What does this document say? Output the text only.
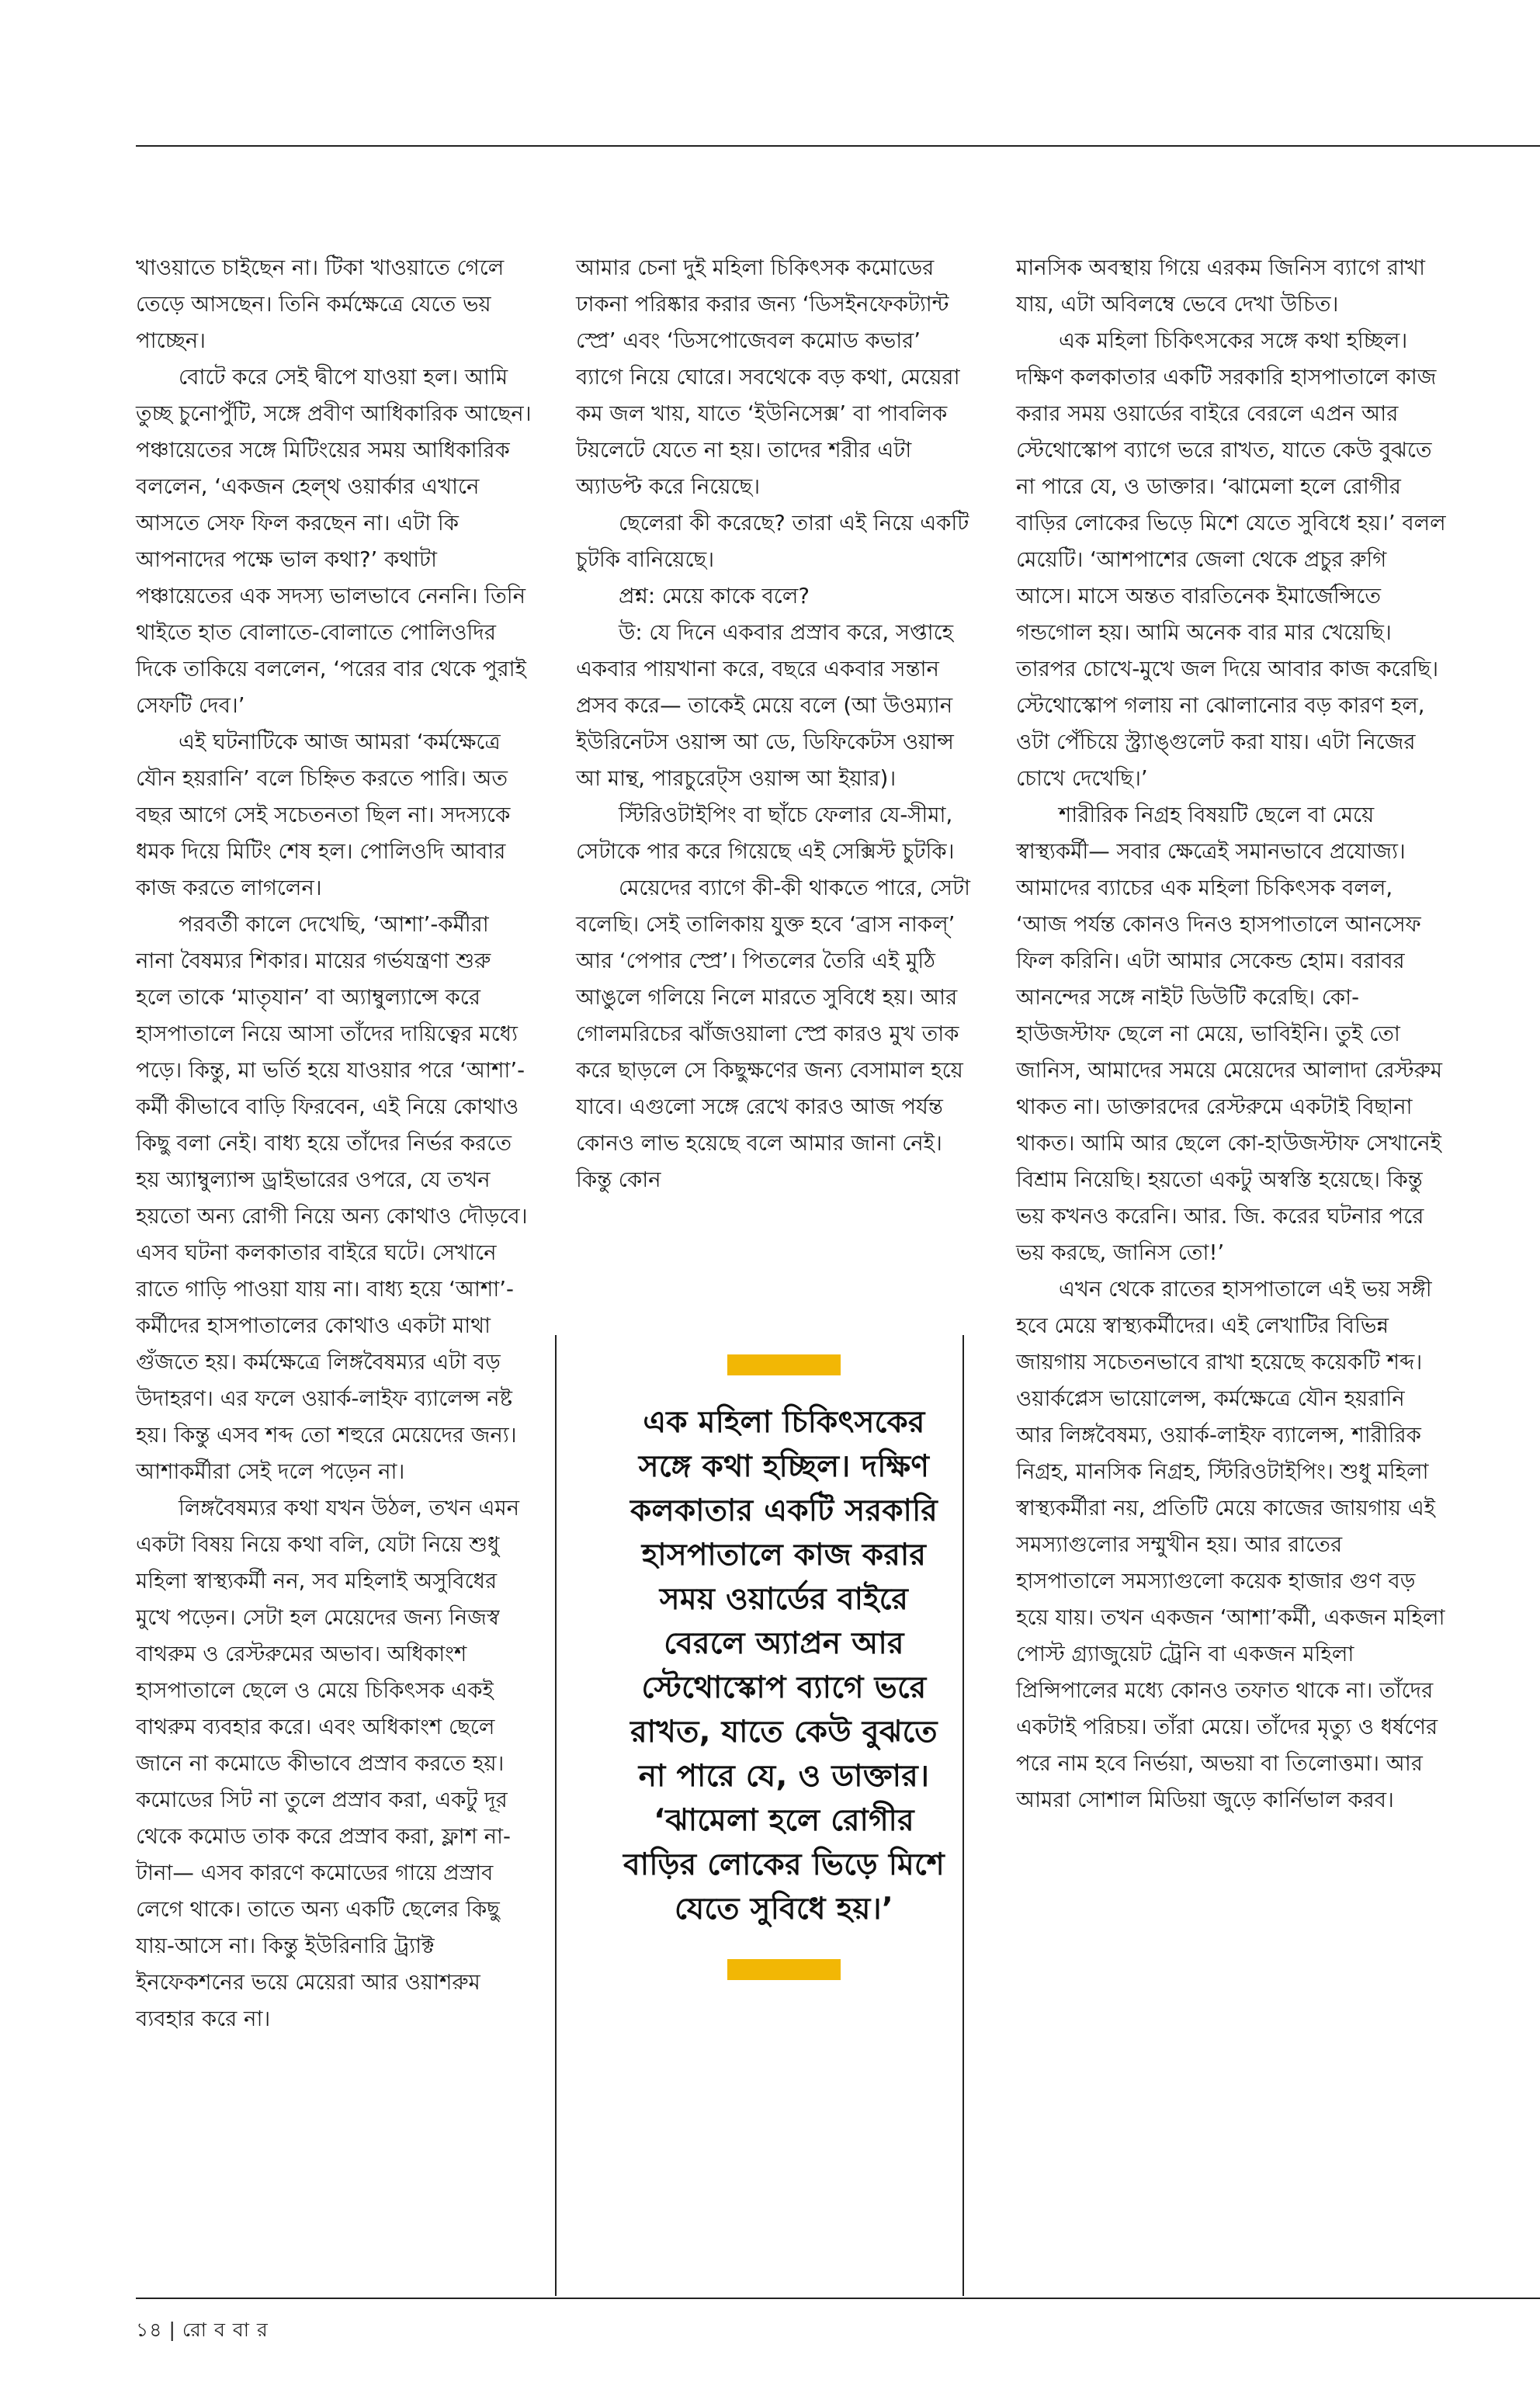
খাওয়াতে চাইছেন না। টিকা খাওয়াতে গেলে তেড়ে আসছেন। তিনি কর্মক্ষেত্রে যেতে ভয় পাচ্ছেন।

বোটে করে সেই দ্বীপে যাওয়া হল। আমি তুচ্ছ চুনোপুঁটি, সঙ্গে প্রবীণ আধিকারিক আছেন। পঞ্চায়েতের সঙ্গে মিটিংয়ের সময় আধিকারিক বললেন, ‘একজন হেল্থ ওয়ার্কার এখানে আসতে সেফ ফিল করছেন না। এটা কি আপনাদের পক্ষে ভাল কথা?’ কথাটা পঞ্চায়েতের এক সদস্য ভালভাবে নেননি। তিনি থাইতে হাত বোলাতে-বোলাতে পোলিওদির দিকে তাকিয়ে বললেন, ‘পরের বার থেকে পুরাই সেফটি দেব।’

এই ঘটনাটিকে আজ আমরা ‘কর্মক্ষেত্রে যৌন হয়রানি’ বলে চিহ্নিত করতে পারি। অত বছর আগে সেই সচেতনতা ছিল না। সদস্যকে ধমক দিয়ে মিটিং শেষ হল। পোলিওদি আবার কাজ করতে লাগলেন।

পরবর্তী কালে দেখেছি, ‘আশা’-কর্মীরা নানা বৈষম্যর শিকার। মায়ের গর্ভযন্ত্রণা শুরু হলে তাকে ‘মাতৃযান’ বা অ্যাম্বুল্যান্সে করে হাসপাতালে নিয়ে আসা তাঁদের দায়িত্বের মধ্যে পড়ে। কিন্তু, মা ভর্তি হয়ে যাওয়ার পরে ‘আশা’-কর্মী কীভাবে বাড়ি ফিরবেন, এই নিয়ে কোথাও কিছু বলা নেই। বাধ্য হয়ে তাঁদের নির্ভর করতে হয় অ্যাম্বুল্যান্স ড্রাইভারের ওপরে, যে তখন হয়তো অন্য রোগী নিয়ে অন্য কোথাও দৌড়বে। এসব ঘটনা কলকাতার বাইরে ঘটে। সেখানে রাতে গাড়ি পাওয়া যায় না। বাধ্য হয়ে ‘আশা’-কর্মীদের হাসপাতালের কোথাও একটা মাথা গুঁজতে হয়। কর্মক্ষেত্রে লিঙ্গবৈষম্যর এটা বড় উদাহরণ। এর ফলে ওয়ার্ক-লাইফ ব্যালেন্স নষ্ট হয়। কিন্তু এসব শব্দ তো শহুরে মেয়েদের জন্য। আশাকর্মীরা সেই দলে পড়েন না।

লিঙ্গবৈষম্যর কথা যখন উঠল, তখন এমন একটা বিষয় নিয়ে কথা বলি, যেটা নিয়ে শুধু মহিলা স্বাস্থ্যকর্মী নন, সব মহিলাই অসুবিধের মুখে পড়েন। সেটা হল মেয়েদের জন্য নিজস্ব বাথরুম ও রেস্টরুমের অভাব। অধিকাংশ হাসপাতালে ছেলে ও মেয়ে চিকিৎসক একই বাথরুম ব্যবহার করে। এবং অধিকাংশ ছেলে জানে না কমোডে কীভাবে প্রস্রাব করতে হয়। কমোডের সিট না তুলে প্রস্রাব করা, একটু দূর থেকে কমোড তাক করে প্রস্রাব করা, ফ্লাশ না-টানা— এসব কারণে কমোডের গায়ে প্রস্রাব লেগে থাকে। তাতে অন্য একটি ছেলের কিছু যায়-আসে না। কিন্তু ইউরিনারি ট্র্যাক্ট ইনফেকশনের ভয়ে মেয়েরা আর ওয়াশরুম ব্যবহার করে না।

আমার চেনা দুই মহিলা চিকিৎসক কমোডের ঢাকনা পরিষ্কার করার জন্য ‘ডিসইনফেকট্যান্ট স্প্রে’ এবং ‘ডিসপোজেবল কমোড কভার’ ব্যাগে নিয়ে ঘোরে। সবথেকে বড় কথা, মেয়েরা কম জল খায়, যাতে ‘ইউনিসেক্স’ বা পাবলিক টয়লেটে যেতে না হয়। তাদের শরীর এটা অ্যাডপ্ট করে নিয়েছে।

ছেলেরা কী করেছে? তারা এই নিয়ে একটি চুটকি বানিয়েছে।

প্রশ্ন: মেয়ে কাকে বলে?

উ: যে দিনে একবার প্রস্রাব করে, সপ্তাহে একবার পায়খানা করে, বছরে একবার সন্তান প্রসব করে— তাকেই মেয়ে বলে (আ উওম্যান ইউরিনেটস ওয়ান্স আ ডে, ডিফিকেটস ওয়ান্স আ মান্থ, পারচুরেট্স ওয়ান্স আ ইয়ার)।

স্টিরিওটাইপিং বা ছাঁচে ফেলার যে-সীমা, সেটাকে পার করে গিয়েছে এই সেক্সিস্ট চুটকি।

মেয়েদের ব্যাগে কী-কী থাকতে পারে, সেটা বলেছি। সেই তালিকায় যুক্ত হবে ‘ব্রাস নাকল্’ আর ‘পেপার স্প্রে’। পিতলের তৈরি এই মুঠি আঙুলে গলিয়ে নিলে মারতে সুবিধে হয়। আর গোলমরিচের ঝাঁজওয়ালা স্প্রে কারও মুখ তাক করে ছাড়লে সে কিছুক্ষণের জন্য বেসামাল হয়ে যাবে। এগুলো সঙ্গে রেখে কারও আজ পর্যন্ত কোনও লাভ হয়েছে বলে আমার জানা নেই। কিন্তু কোন

এক মহিলা চিকিৎসকের সঙ্গে কথা হচ্ছিল। দক্ষিণ কলকাতার একটি সরকারি হাসপাতালে কাজ করার সময় ওয়ার্ডের বাইরে বেরলে অ্যাপ্রন আর স্টেথোস্কোপ ব্যাগে ভরে রাখত, যাতে কেউ বুঝতে না পারে যে, ও ডাক্তার। ‘ঝামেলা হলে রোগীর বাড়ির লোকের ভিড়ে মিশে যেতে সুবিধে হয়।’

মানসিক অবস্থায় গিয়ে এরকম জিনিস ব্যাগে রাখা যায়, এটা অবিলম্বে ভেবে দেখা উচিত।

এক মহিলা চিকিৎসকের সঙ্গে কথা হচ্ছিল। দক্ষিণ কলকাতার একটি সরকারি হাসপাতালে কাজ করার সময় ওয়ার্ডের বাইরে বেরলে এপ্রন আর স্টেথোস্কোপ ব্যাগে ভরে রাখত, যাতে কেউ বুঝতে না পারে যে, ও ডাক্তার। ‘ঝামেলা হলে রোগীর বাড়ির লোকের ভিড়ে মিশে যেতে সুবিধে হয়।’ বলল মেয়েটি। ‘আশপাশের জেলা থেকে প্রচুর রুগি আসে। মাসে অন্তত বারতিনেক ইমার্জেন্সিতে গন্ডগোল হয়। আমি অনেক বার মার খেয়েছি। তারপর চোখে-মুখে জল দিয়ে আবার কাজ করেছি। স্টেথোস্কোপ গলায় না ঝোলানোর বড় কারণ হল, ওটা পেঁচিয়ে স্ট্র্যাঙ্গুলেট করা যায়। এটা নিজের চোখে দেখেছি।’

শারীরিক নিগ্রহ বিষয়টি ছেলে বা মেয়ে স্বাস্থ্যকর্মী— সবার ক্ষেত্রেই সমানভাবে প্রযোজ্য। আমাদের ব্যাচের এক মহিলা চিকিৎসক বলল, ‘আজ পর্যন্ত কোনও দিনও হাসপাতালে আনসেফ ফিল করিনি। এটা আমার সেকেন্ড হোম। বরাবর আনন্দের সঙ্গে নাইট ডিউটি করেছি। কো-হাউজস্টাফ ছেলে না মেয়ে, ভাবিইনি। তুই তো জানিস, আমাদের সময়ে মেয়েদের আলাদা রেস্টরুম থাকত না। ডাক্তারদের রেস্টরুমে একটাই বিছানা থাকত। আমি আর ছেলে কো-হাউজস্টাফ সেখানেই বিশ্রাম নিয়েছি। হয়তো একটু অস্বস্তি হয়েছে। কিন্তু ভয় কখনও করেনি। আর. জি. করের ঘটনার পরে ভয় করছে, জানিস তো!’

এখন থেকে রাতের হাসপাতালে এই ভয় সঙ্গী হবে মেয়ে স্বাস্থ্যকর্মীদের। এই লেখাটির বিভিন্ন জায়গায় সচেতনভাবে রাখা হয়েছে কয়েকটি শব্দ। ওয়ার্কপ্লেস ভায়োলেন্স, কর্মক্ষেত্রে যৌন হয়রানি আর লিঙ্গবৈষম্য, ওয়ার্ক-লাইফ ব্যালেন্স, শারীরিক নিগ্রহ, মানসিক নিগ্রহ, স্টিরিওটাইপিং। শুধু মহিলা স্বাস্থ্যকর্মীরা নয়, প্রতিটি মেয়ে কাজের জায়গায় এই সমস্যাগুলোর সম্মুখীন হয়। আর রাতের হাসপাতালে সমস্যাগুলো কয়েক হাজার গুণ বড় হয়ে যায়। তখন একজন ‘আশা’কর্মী, একজন মহিলা পোস্ট গ্র্যাজুয়েট ট্রেনি বা একজন মহিলা প্রিন্সিপালের মধ্যে কোনও তফাত থাকে না। তাঁদের একটাই পরিচয়। তাঁরা মেয়ে। তাঁদের মৃত্যু ও ধর্ষণের পরে নাম হবে নির্ভয়া, অভয়া বা তিলোত্তমা। আর আমরা সোশাল মিডিয়া জুড়ে কার্নিভাল করব।

১৪ | রো ব বা র
